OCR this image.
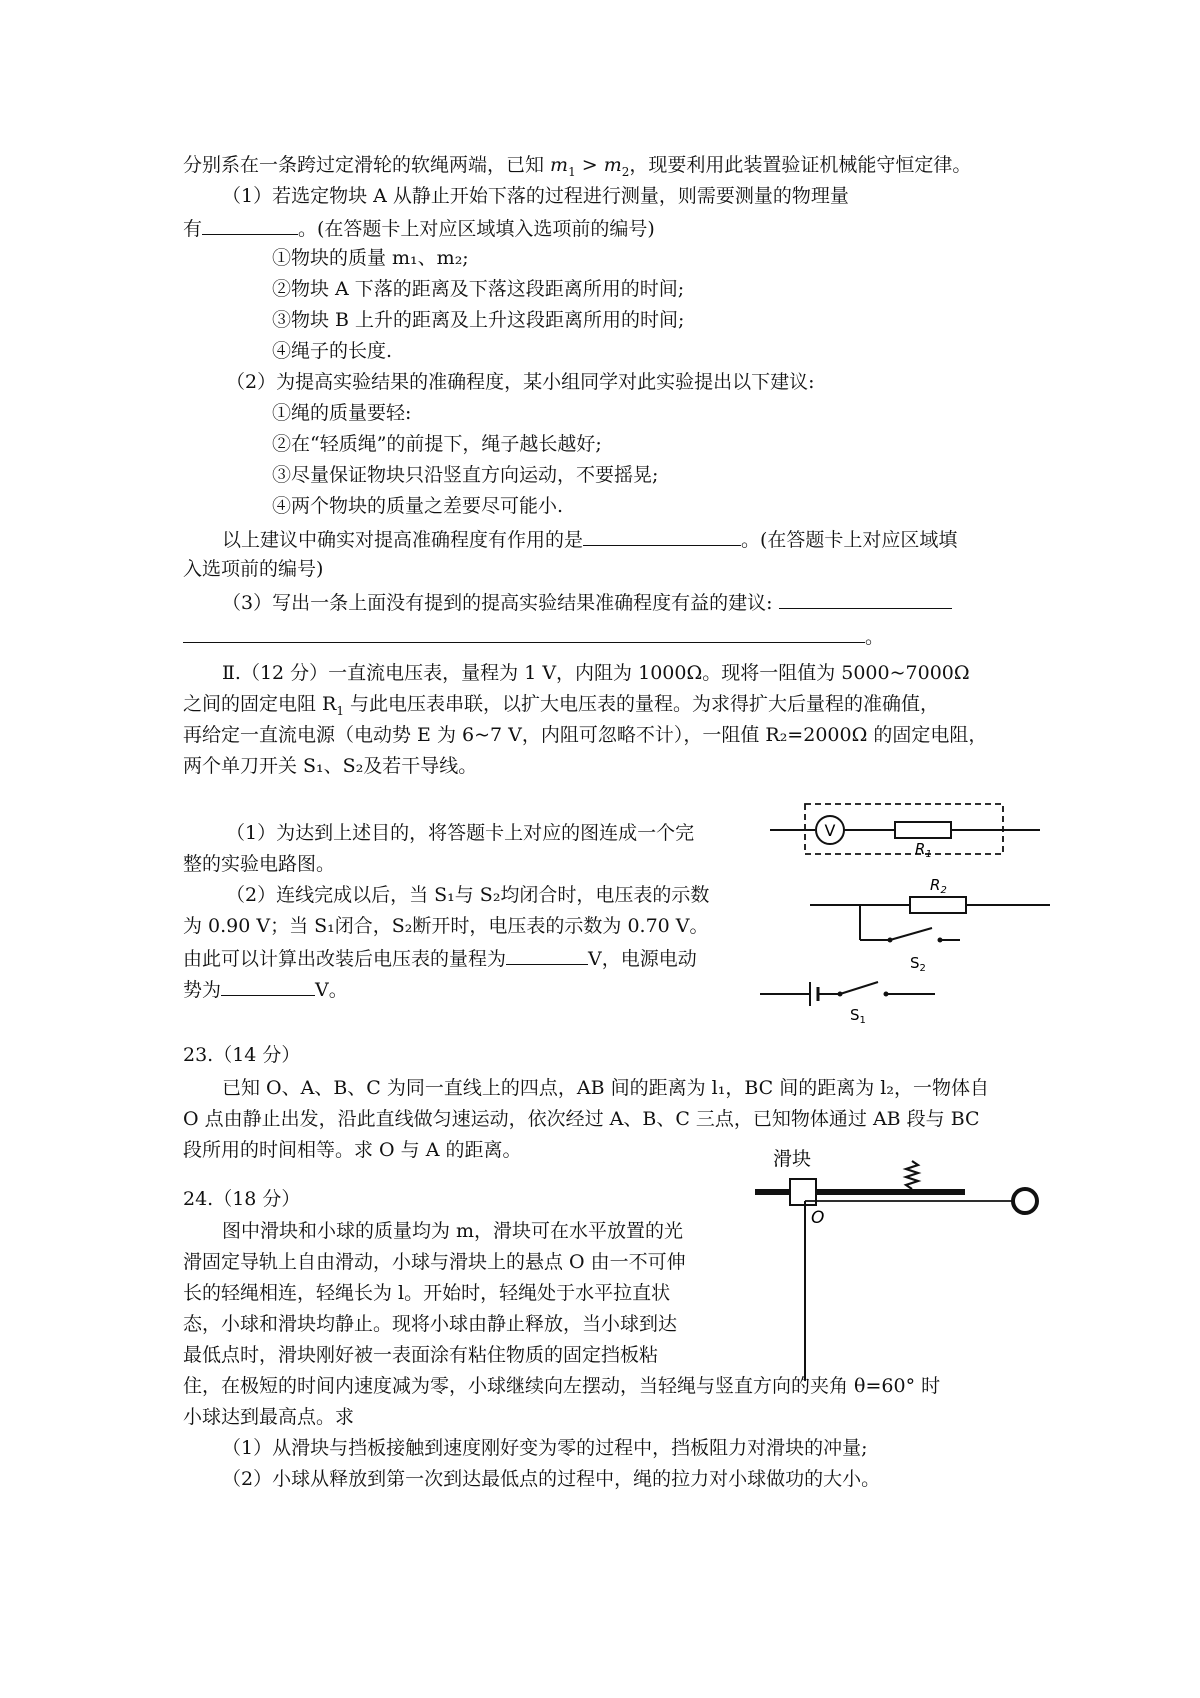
分别系在一条跨过定滑轮的软绳两端，已知 $m_1 > m_2$，现要利用此装置验证机械能守恒定律。
（1）若选定物块 A 从静止开始下落的过程进行测量，则需要测量的物理量
有	。(在答题卡上对应区域填入选项前的编号)
①物块的质量 m₁、m₂;
②物块 A 下落的距离及下落这段距离所用的时间;
③物块 B 上升的距离及上升这段距离所用的时间;
④绳子的长度.
（2）为提高实验结果的准确程度，某小组同学对此实验提出以下建议:
①绳的质量要轻:
②在“轻质绳”的前提下，绳子越长越好;
③尽量保证物块只沿竖直方向运动，不要摇晃;
④两个物块的质量之差要尽可能小.
以上建议中确实对提高准确程度有作用的是	。(在答题卡上对应区域填
入选项前的编号)
（3）写出一条上面没有提到的提高实验结果准确程度有益的建议:
。
Ⅱ.（12 分）一直流电压表，量程为 1 V，内阻为 1000Ω。现将一阻值为 5000~7000Ω
之间的固定电阻 $R_1$ 与此电压表串联，以扩大电压表的量程。为求得扩大后量程的准确值，
再给定一直流电源（电动势 E 为 6~7 V，内阻可忽略不计），一阻值 R₂=2000Ω 的固定电阻，
两个单刀开关 S₁、S₂及若干导线。
（1）为达到上述目的，将答题卡上对应的图连成一个完
整的实验电路图。
（2）连线完成以后，当 S₁与 S₂均闭合时，电压表的示数
为 0.90 V；当 S₁闭合，S₂断开时，电压表的示数为 0.70 V。
由此可以计算出改装后电压表的量程为	V，电源电动
势为	V。
V
$R_1$
$R_2$
$S_2$
$S_1$
23.（14 分）
已知 O、A、B、C 为同一直线上的四点，AB 间的距离为 l₁，BC 间的距离为 l₂，一物体自
O 点由静止出发，沿此直线做匀速运动，依次经过 A、B、C 三点，已知物体通过 AB 段与 BC
段所用的时间相等。求 O 与 A 的距离。	滑块
O
24.（18 分）
图中滑块和小球的质量均为 m，滑块可在水平放置的光
滑固定导轨上自由滑动，小球与滑块上的悬点 O 由一不可伸
长的轻绳相连，轻绳长为 l。开始时，轻绳处于水平拉直状
态，小球和滑块均静止。现将小球由静止释放，当小球到达
最低点时，滑块刚好被一表面涂有粘住物质的固定挡板粘
住，在极短的时间内速度减为零，小球继续向左摆动，当轻绳与竖直方向的夹角 θ=60° 时
小球达到最高点。求
（1）从滑块与挡板接触到速度刚好变为零的过程中，挡板阻力对滑块的冲量;
（2）小球从释放到第一次到达最低点的过程中，绳的拉力对小球做功的大小。
